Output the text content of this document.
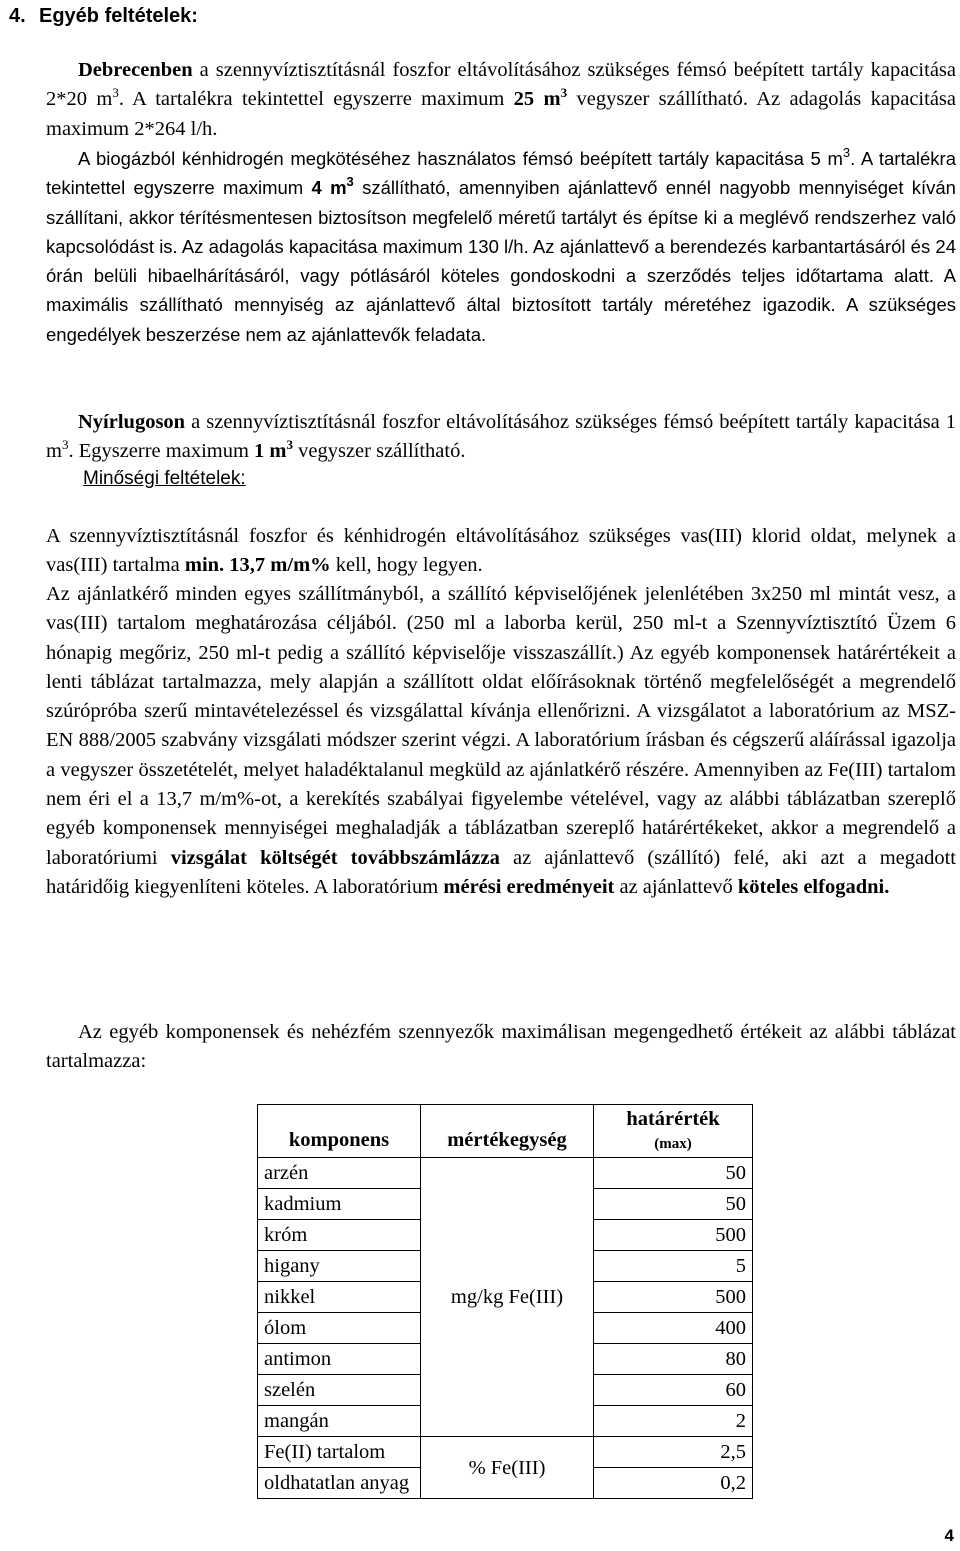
4. Egyéb feltételek:

Debrecenben a szennyvíztisztításnál foszfor eltávolításához szükséges fémsó beépített tartály kapacitása 2*20 $m^3$. A tartalékra tekintettel egyszerre maximum 25 $m^3$ vegyszer szállítható. Az adagolás kapacitása maximum 2*264 l/h.

A biogázból kénhidrogén megkötéséhez használatos fémsó beépített tartály kapacitása 5 $m^3$. A tartalékra tekintettel egyszerre maximum 4 $m^3$ szállítható, amennyiben ajánlattevő ennél nagyobb mennyiséget kíván szállítani, akkor térítésmentesen biztosítson megfelelő méretű tartályt és építse ki a meglévő rendszerhez való kapcsolódást is. Az adagolás kapacitása maximum 130 l/h. Az ajánlattevő a berendezés karbantartásáról és 24 órán belüli hibaelhárításáról, vagy pótlásáról köteles gondoskodni a szerződés teljes időtartama alatt. A maximális szállítható mennyiség az ajánlattevő által biztosított tartály méretéhez igazodik. A szükséges engedélyek beszerzése nem az ajánlattevők feladata.

Nyírlugoson a szennyvíztisztításnál foszfor eltávolításához szükséges fémsó beépített tartály kapacitása 1 $m^3$. Egyszerre maximum 1 $m^3$ vegyszer szállítható.

Minőségi feltételek:

A szennyvíztisztításnál foszfor és kénhidrogén eltávolításához szükséges vas(III) klorid oldat, melynek a vas(III) tartalma min. 13,7 m/m% kell, hogy legyen.

Az ajánlatkérő minden egyes szállítmányból, a szállító képviselőjének jelenlétében 3x250 ml mintát vesz, a vas(III) tartalom meghatározása céljából. (250 ml a laborba kerül, 250 ml-t a Szennyvíztisztító Üzem 6 hónapig megőriz, 250 ml-t pedig a szállító képviselője visszaszállít.) Az egyéb komponensek határértékeit a lenti táblázat tartalmazza, mely alapján a szállított oldat előírásoknak történő megfelelőségét a megrendelő szúrópróba szerű mintavételezéssel és vizsgálattal kívánja ellenőrizni. A vizsgálatot a laboratórium az MSZ-EN 888/2005 szabvány vizsgálati módszer szerint végzi. A laboratórium írásban és cégszerű aláírással igazolja a vegyszer összetételét, melyet haladéktalanul megküld az ajánlatkérő részére. Amennyiben az Fe(III) tartalom nem éri el a 13,7 m/m%-ot, a kerekítés szabályai figyelembe vételével, vagy az alábbi táblázatban szereplő egyéb komponensek mennyiségei meghaladják a táblázatban szereplő határértékeket, akkor a megrendelő a laboratóriumi vizsgálat költségét továbbszámlázza az ajánlattevő (szállító) felé, aki azt a megadott határidőig kiegyenlíteni köteles. A laboratórium mérési eredményeit az ajánlattevő köteles elfogadni.

Az egyéb komponensek és nehézfém szennyezők maximálisan megengedhető értékeit az alábbi táblázat tartalmazza:

komponens	mértékegység	határérték
(max)

arzén	mg/kg Fe(III)	50
kadmium		50
króm		500
higany		5
nikkel		500
ólom		400
antimon		80
szelén		60
mangán		2
Fe(II) tartalom	% Fe(III)	2,5
oldhatatlan anyag		0,2

4
